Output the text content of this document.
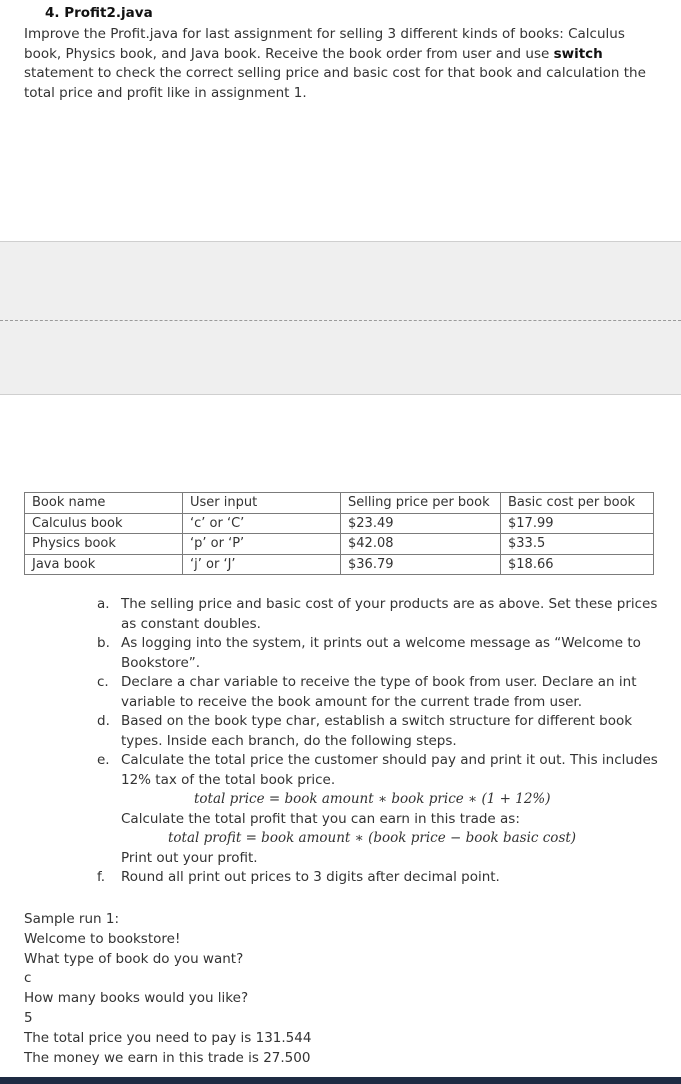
4. Profit2.java
Improve the Profit.java for last assignment for selling 3 different kinds of books: Calculus book, Physics book, and Java book. Receive the book order from user and use switch statement to check the correct selling price and basic cost for that book and calculation the total price and profit like in assignment 1.
Book name	User input	Selling price per book	Basic cost per book
Calculus book	‘c’ or ‘C’	$23.49	$17.99
Physics book	‘p’ or ‘P’	$42.08	$33.5
Java book	‘j’ or ‘J’	$36.79	$18.66
a. The selling price and basic cost of your products are as above. Set these prices as constant doubles.
b. As logging into the system, it prints out a welcome message as “Welcome to Bookstore”.
c. Declare a char variable to receive the type of book from user. Declare an int variable to receive the book amount for the current trade from user.
d. Based on the book type char, establish a switch structure for different book types. Inside each branch, do the following steps.
e. Calculate the total price the customer should pay and print it out. This includes 12% tax of the total book price.
total price = book amount ∗ book price ∗ (1 + 12%)
Calculate the total profit that you can earn in this trade as:
total profit = book amount ∗ (book price − book basic cost)
Print out your profit.
f. Round all print out prices to 3 digits after decimal point.
Sample run 1:
Welcome to bookstore!
What type of book do you want?
c
How many books would you like?
5
The total price you need to pay is 131.544
The money we earn in this trade is 27.500
